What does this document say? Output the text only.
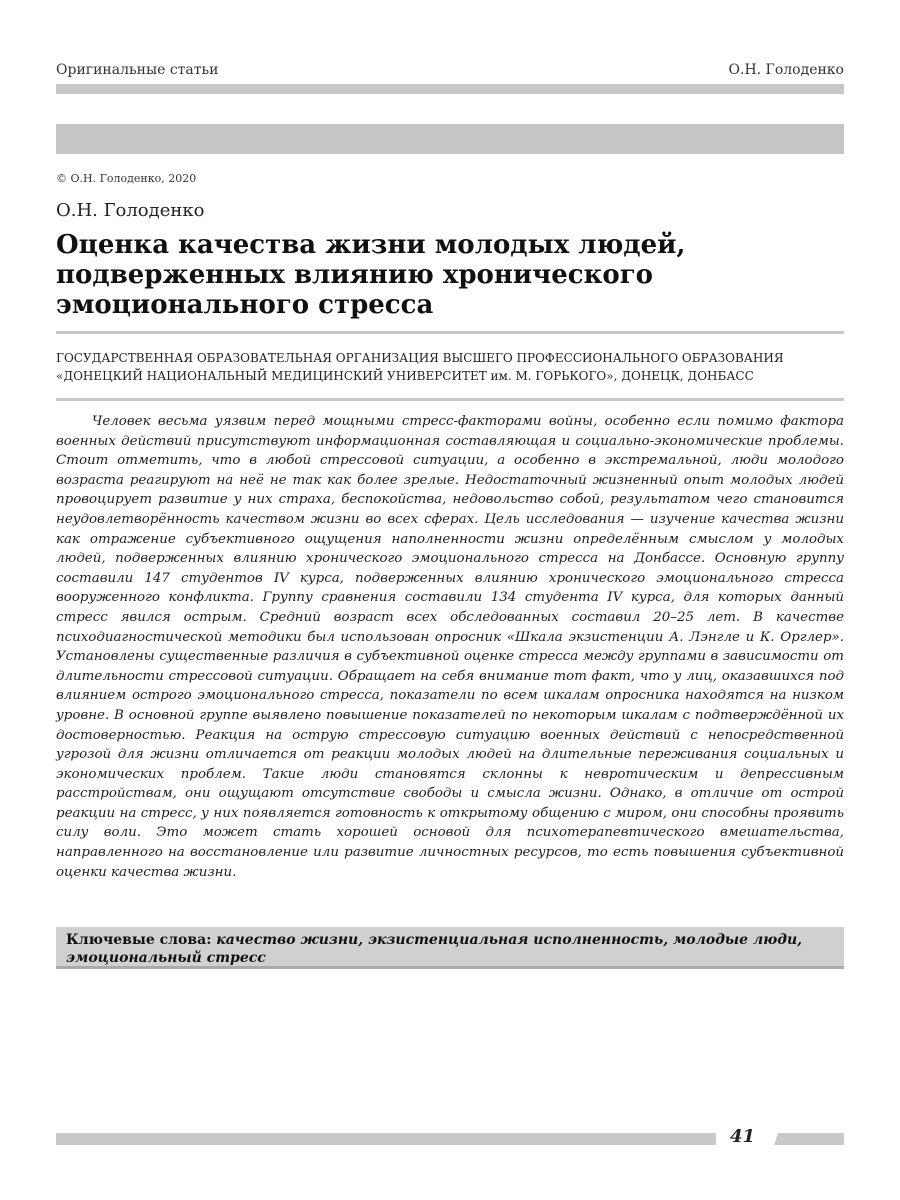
Оригинальные статьи	О.Н. Голоденко
© О.Н. Голоденко, 2020
О.Н. Голоденко
Оценка качества жизни молодых людей,
подверженных влиянию хронического
эмоционального стресса
ГОСУДАРСТВЕННАЯ ОБРАЗОВАТЕЛЬНАЯ ОРГАНИЗАЦИЯ ВЫСШЕГО ПРОФЕССИОНАЛЬНОГО ОБРАЗОВАНИЯ
«ДОНЕЦКИЙ НАЦИОНАЛЬНЫЙ МЕДИЦИНСКИЙ УНИВЕРСИТЕТ им. М. ГОРЬКОГО», ДОНЕЦК, ДОНБАСС

Человек весьма уязвим перед мощными стресс-факторами войны, особенно если помимо фактора военных действий присутствуют информационная составляющая и социально-экономические проблемы. Стоит отметить, что в любой стрессовой ситуации, а особенно в экстремальной, люди молодого возраста реагируют на неё не так как более зрелые. Недостаточный жизненный опыт молодых людей провоцирует развитие у них страха, беспокойства, недовольство собой, результатом чего становится неудовлетворённость качеством жизни во всех сферах. Цель исследования — изучение качества жизни как отражение субъективного ощущения наполненности жизни определённым смыслом у молодых людей, подверженных влиянию хронического эмоционального стресса на Донбассе. Основную группу составили 147 студентов IV курса, подверженных влиянию хронического эмоционального стресса вооруженного конфликта. Группу сравнения составили 134 студента IV курса, для которых данный стресс явился острым. Средний возраст всех обследованных составил 20–25 лет. В качестве психодиагностической методики был использован опросник «Шкала экзистенции А. Лэнгле и К. Орглер». Установлены существенные различия в субъективной оценке стресса между группами в зависимости от длительности стрессовой ситуации. Обращает на себя внимание тот факт, что у лиц, оказавшихся под влиянием острого эмоционального стресса, показатели по всем шкалам опросника находятся на низком уровне. В основной группе выявлено повышение показателей по некоторым шкалам с подтверждённой их достоверностью. Реакция на острую стрессовую ситуацию военных действий с непосредственной угрозой для жизни отличается от реакции молодых людей на длительные переживания социальных и экономических проблем. Такие люди становятся склонны к невротическим и депрессивным расстройствам, они ощущают отсутствие свободы и смысла жизни. Однако, в отличие от острой реакции на стресс, у них появляется готовность к открытому общению с миром, они способны проявить силу воли. Это может стать хорошей основой для психотерапевтического вмешательства, направленного на восстановление или развитие личностных ресурсов, то есть повышения субъективной оценки качества жизни.

Ключевые слова: качество жизни, экзистенциальная исполненность, молодые люди, эмоциональный стресс
41
